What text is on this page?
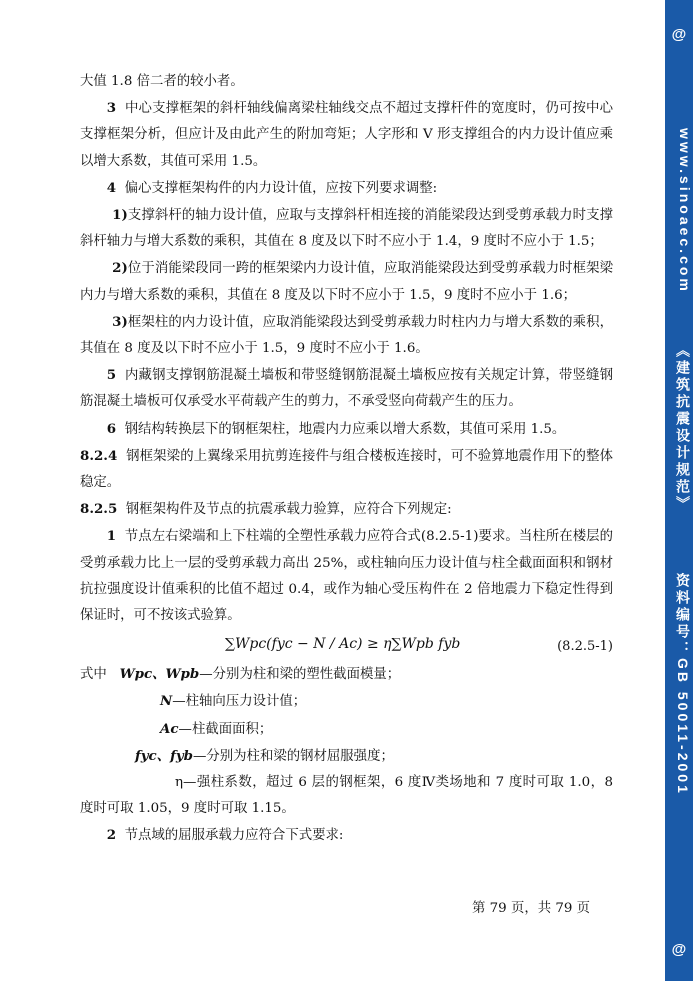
@
www.sinoaec.com
《建筑抗震设计规范》
资料编号：GB 50011-2001
@

大值 1.8 倍二者的较小者。

3 中心支撑框架的斜杆轴线偏离梁柱轴线交点不超过支撑杆件的宽度时，仍可按中心支撑框架分析，但应计及由此产生的附加弯矩；人字形和 V 形支撑组合的内力设计值应乘以增大系数，其值可采用 1.5。

4 偏心支撑框架构件的内力设计值，应按下列要求调整:

1)支撑斜杆的轴力设计值，应取与支撑斜杆相连接的消能梁段达到受剪承载力时支撑斜杆轴力与增大系数的乘积，其值在 8 度及以下时不应小于 1.4，9 度时不应小于 1.5；

2)位于消能梁段同一跨的框架梁内力设计值，应取消能梁段达到受剪承载力时框架梁内力与增大系数的乘积，其值在 8 度及以下时不应小于 1.5，9 度时不应小于 1.6；

3)框架柱的内力设计值，应取消能梁段达到受剪承载力时柱内力与增大系数的乘积，其值在 8 度及以下时不应小于 1.5，9 度时不应小于 1.6。

5 内藏钢支撑钢筋混凝土墙板和带竖缝钢筋混凝土墙板应按有关规定计算，带竖缝钢筋混凝土墙板可仅承受水平荷载产生的剪力，不承受竖向荷载产生的压力。

6 钢结构转换层下的钢框架柱，地震内力应乘以增大系数，其值可采用 1.5。

8.2.4 钢框架梁的上翼缘采用抗剪连接件与组合楼板连接时，可不验算地震作用下的整体稳定。

8.2.5 钢框架构件及节点的抗震承载力验算，应符合下列规定:

1 节点左右梁端和上下柱端的全塑性承载力应符合式(8.2.5-1)要求。当柱所在楼层的受剪承载力比上一层的受剪承载力高出 25%，或柱轴向压力设计值与柱全截面面积和钢材抗拉强度设计值乘积的比值不超过 0.4，或作为轴心受压构件在 2 倍地震力下稳定性得到保证时，可不按该式验算。

∑Wpc(fyc − N / Ac) ≥ η∑Wpb fyb	(8.2.5-1)

式中 Wpc、Wpb—分别为柱和梁的塑性截面模量；

N—柱轴向压力设计值；

Ac—柱截面面积；

fyc、fyb—分别为柱和梁的钢材屈服强度；

η—强柱系数，超过 6 层的钢框架，6 度Ⅳ类场地和 7 度时可取 1.0，8 度时可取 1.05，9 度时可取 1.15。

2 节点域的屈服承载力应符合下式要求:

第 79 页，共 79 页
